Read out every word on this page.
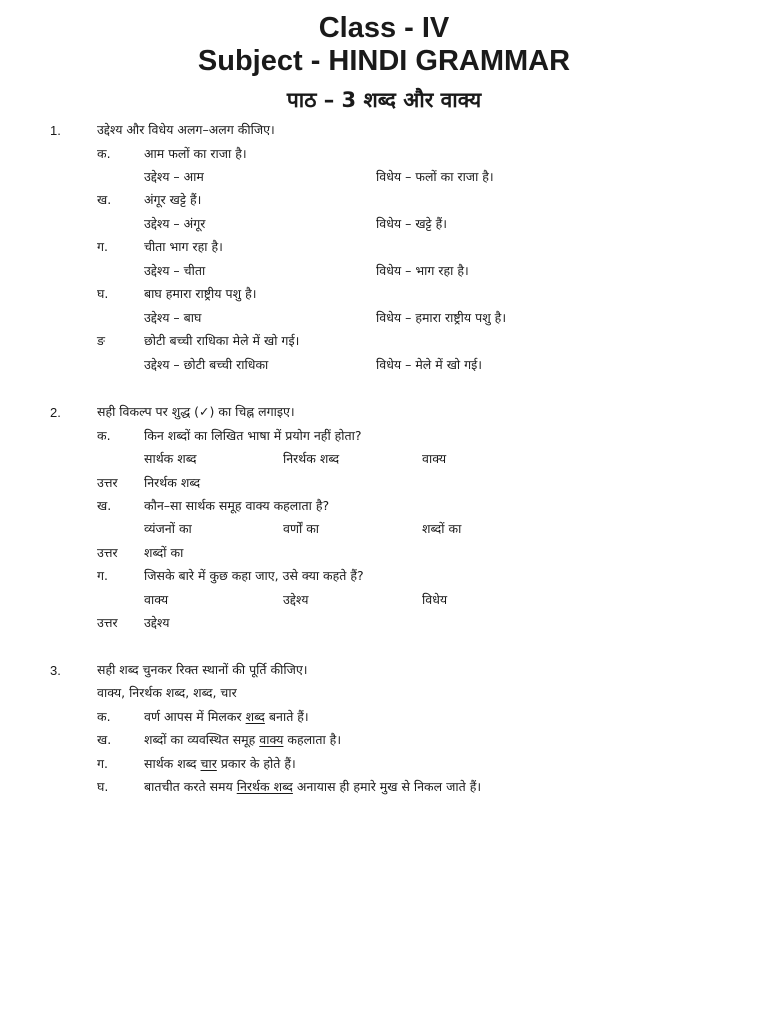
Class - IV
Subject - HINDI GRAMMAR
पाठ – 3 शब्द और वाक्य
1.	उद्देश्य और विधेय अलग–अलग कीजिए।
क.	आम फलों का राजा है।
उद्देश्य – आम	विधेय – फलों का राजा है।
ख.	अंगूर खट्टे हैं।
उद्देश्य – अंगूर	विधेय – खट्टे हैं।
ग.	चीता भाग रहा है।
उद्देश्य – चीता	विधेय – भाग रहा है।
घ.	बाघ हमारा राष्ट्रीय पशु है।
उद्देश्य – बाघ	विधेय – हमारा राष्ट्रीय पशु है।
ङ	छोटी बच्ची राधिका मेले में खो गई।
उद्देश्य – छोटी बच्ची राधिका	विधेय – मेले में खो गई।
2.	सही विकल्प पर शुद्ध (✓) का चिह्न लगाइए।
क.	किन शब्दों का लिखित भाषा में प्रयोग नहीं होता?
सार्थक शब्द	निरर्थक शब्द	वाक्य
उत्तर निरर्थक शब्द
ख.	कौन–सा सार्थक समूह वाक्य कहलाता है?
व्यंजनों का	वर्णों का	शब्दों का
उत्तर शब्दों का
ग.	जिसके बारे में कुछ कहा जाए, उसे क्या कहते हैं?
वाक्य	उद्देश्य	विधेय
उत्तर उद्देश्य
3.	सही शब्द चुनकर रिक्त स्थानों की पूर्ति कीजिए।
वाक्य, निरर्थक शब्द, शब्द, चार
क.	वर्ण आपस में मिलकर शब्द बनाते हैं।
ख.	शब्दों का व्यवस्थित समूह वाक्य कहलाता है।
ग.	सार्थक शब्द चार प्रकार के होते हैं।
घ.	बातचीत करते समय निरर्थक शब्द अनायास ही हमारे मुख से निकल जाते हैं।
